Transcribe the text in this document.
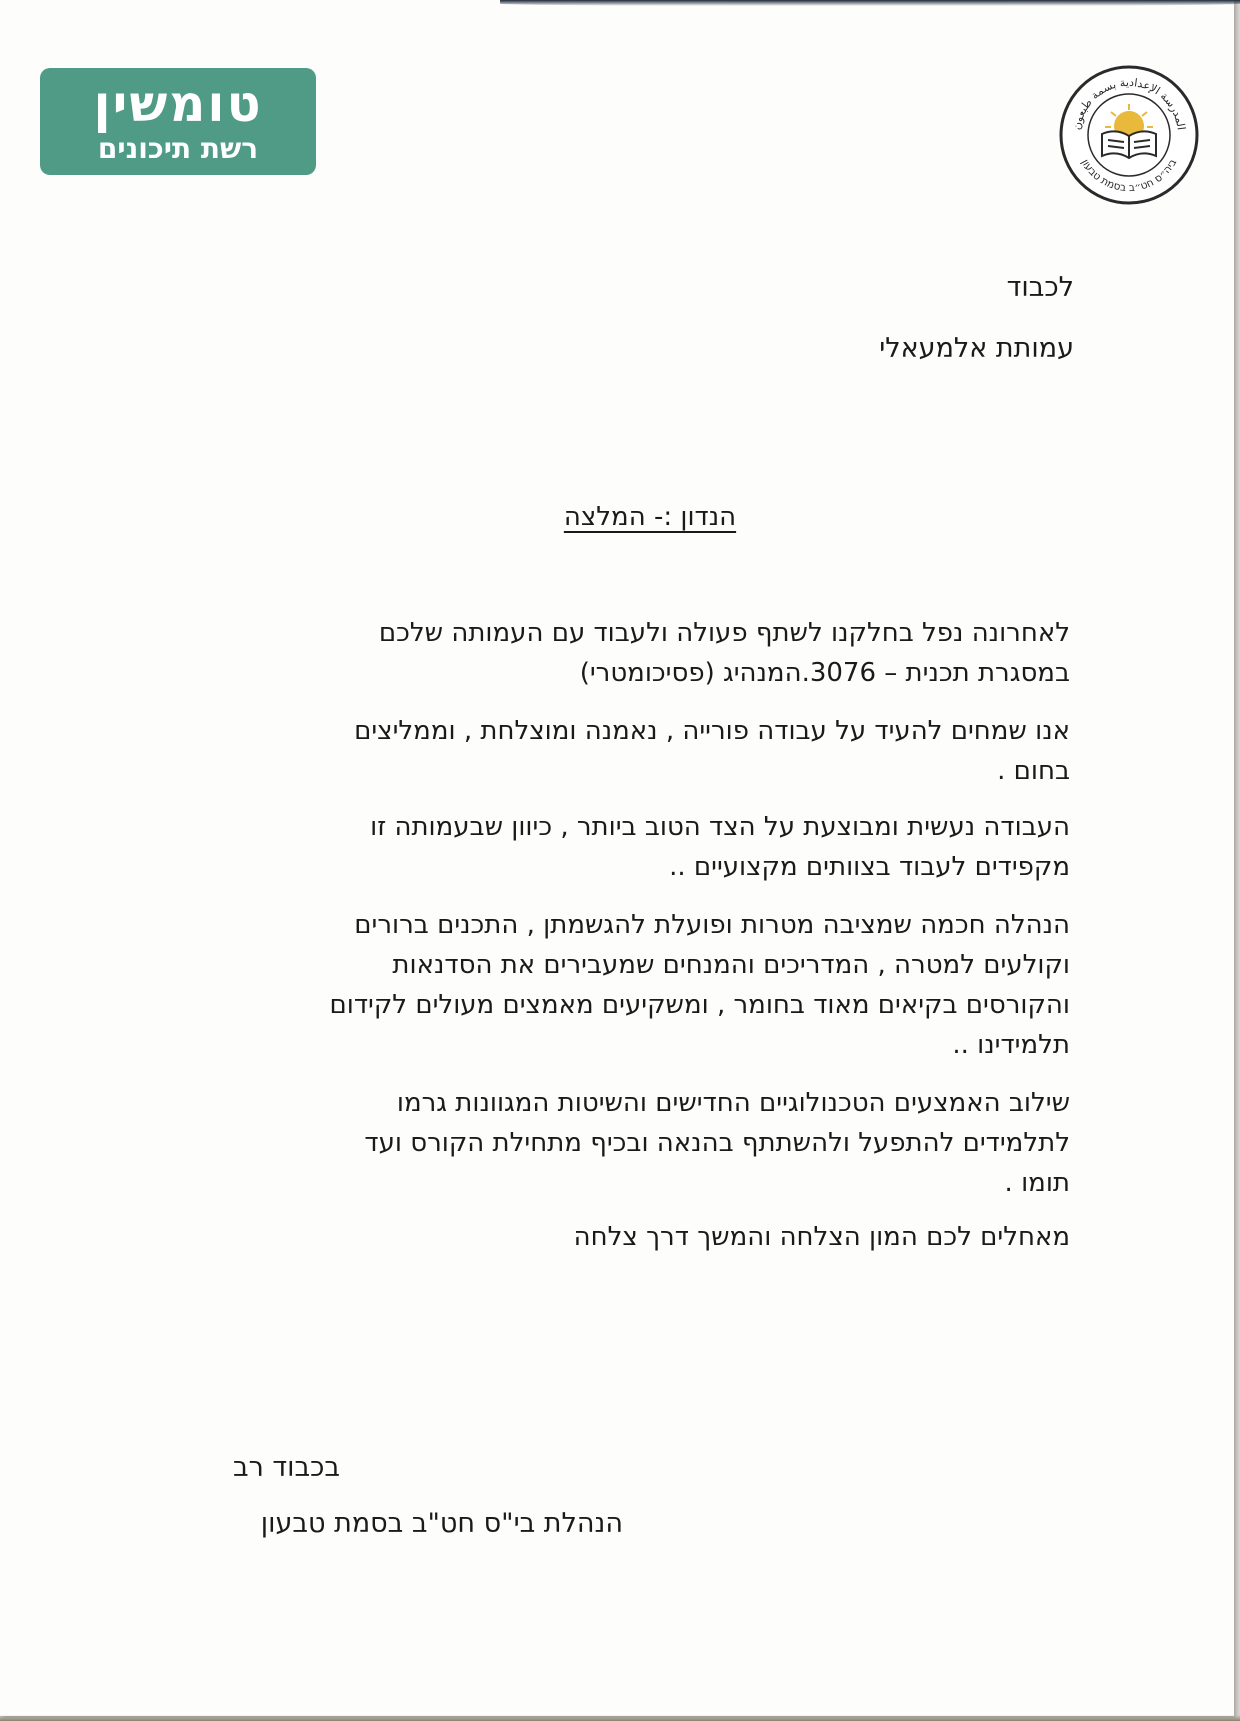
טומשין
רשת תיכונים
المدرسة الإعدادية بسمة طبعون
ביה״ס חט״ב בסמת טבעון
לכבוד
עמותת אלמעאלי
הנדון :- המלצה
לאחרונה נפל בחלקנו לשתף פעולה ולעבוד עם העמותה שלכם
במסגרת תכנית – 3076.המנהיג (פסיכומטרי)
אנו שמחים להעיד על עבודה פורייה , נאמנה ומוצלחת , וממליצים
בחום .
העבודה נעשית ומבוצעת על הצד הטוב ביותר , כיוון שבעמותה זו
מקפידים לעבוד בצוותים מקצועיים ..
הנהלה חכמה שמציבה מטרות ופועלת להגשמתן , התכנים ברורים
וקולעים למטרה , המדריכים והמנחים שמעבירים את הסדנאות
והקורסים בקיאים מאוד בחומר , ומשקיעים מאמצים מעולים לקידום
תלמידינו ..
שילוב האמצעים הטכנולוגיים החדישים והשיטות המגוונות גרמו
לתלמידים להתפעל ולהשתתף בהנאה ובכיף מתחילת הקורס ועד
תומו .
מאחלים לכם המון הצלחה והמשך דרך צלחה
בכבוד רב
הנהלת בי"ס חט"ב בסמת טבעון
